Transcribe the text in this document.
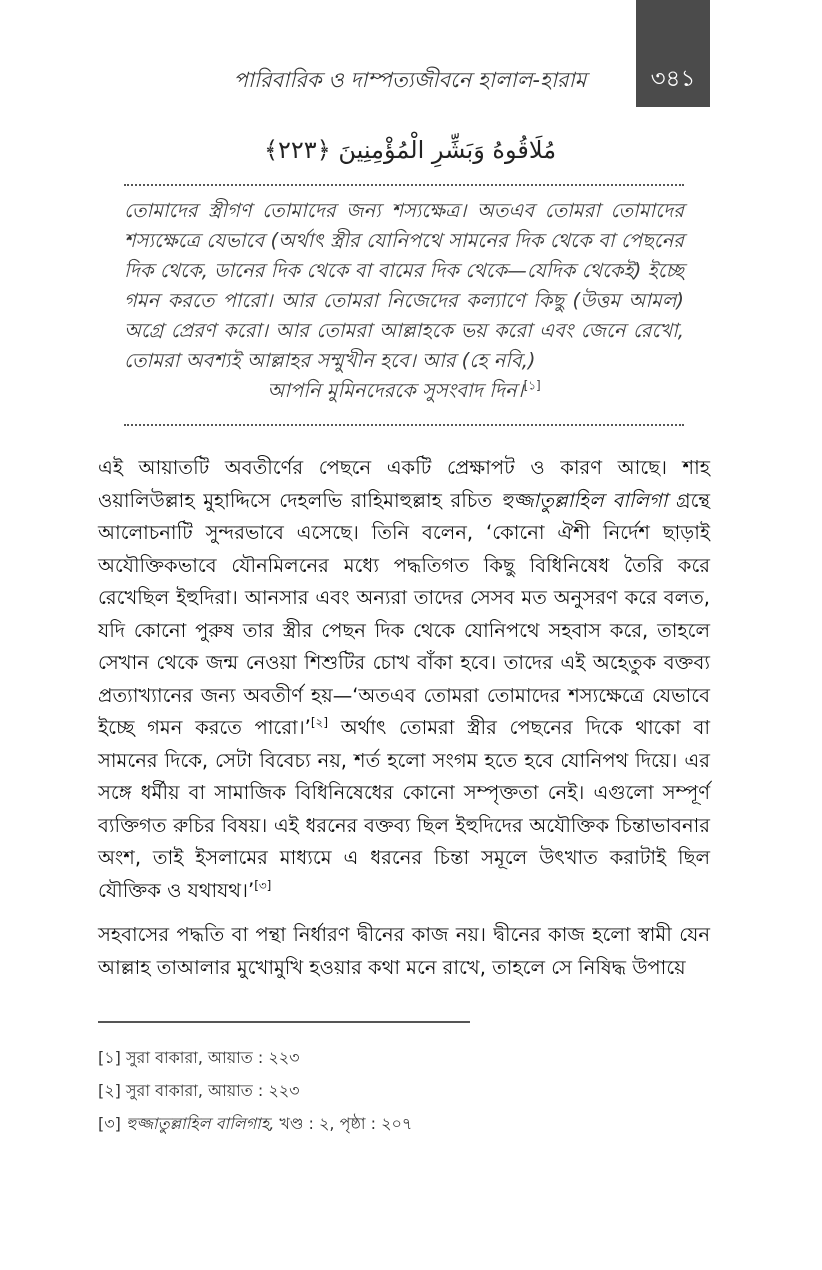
৩৪১
পারিবারিক ও দাম্পত্যজীবনে হালাল-হারাম
مُلَاقُوهُ وَبَشِّرِ الْمُؤْمِنِينَ ﴿٢٢٣﴾
তোমাদের স্ত্রীগণ তোমাদের জন্য শস্যক্ষেত্র। অতএব তোমরা তোমাদের শস্যক্ষেত্রে যেভাবে (অর্থাৎ স্ত্রীর যোনিপথে সামনের দিক থেকে বা পেছনের দিক থেকে, ডানের দিক থেকে বা বামের দিক থেকে—যেদিক থেকেই) ইচ্ছে গমন করতে পারো। আর তোমরা নিজেদের কল্যাণে কিছু (উত্তম আমল) অগ্রে প্রেরণ করো। আর তোমরা আল্লাহকে ভয় করো এবং জেনে রেখো, তোমরা অবশ্যই আল্লাহর সম্মুখীন হবে। আর (হে নবি,)
আপনি মুমিনদেরকে সুসংবাদ দিন।[১]

এই আয়াতটি অবতীর্ণের পেছনে একটি প্রেক্ষাপট ও কারণ আছে। শাহ ওয়ালিউল্লাহ মুহাদ্দিসে দেহলভি রাহিমাহুল্লাহ রচিত হুজ্জাতুল্লাহিল বালিগা গ্রন্থে আলোচনাটি সুন্দরভাবে এসেছে। তিনি বলেন, ‘কোনো ঐশী নির্দেশ ছাড়াই অযৌক্তিকভাবে যৌনমিলনের মধ্যে পদ্ধতিগত কিছু বিধিনিষেধ তৈরি করে রেখেছিল ইহুদিরা। আনসার এবং অন্যরা তাদের সেসব মত অনুসরণ করে বলত, যদি কোনো পুরুষ তার স্ত্রীর পেছন দিক থেকে যোনিপথে সহবাস করে, তাহলে সেখান থেকে জন্ম নেওয়া শিশুটির চোখ বাঁকা হবে। তাদের এই অহেতুক বক্তব্য প্রত্যাখ্যানের জন্য অবতীর্ণ হয়—‘অতএব তোমরা তোমাদের শস্যক্ষেত্রে যেভাবে ইচ্ছে গমন করতে পারো।’[২] অর্থাৎ তোমরা স্ত্রীর পেছনের দিকে থাকো বা সামনের দিকে, সেটা বিবেচ্য নয়, শর্ত হলো সংগম হতে হবে যোনিপথ দিয়ে। এর সঙ্গে ধর্মীয় বা সামাজিক বিধিনিষেধের কোনো সম্পৃক্ততা নেই। এগুলো সম্পূর্ণ ব্যক্তিগত রুচির বিষয়। এই ধরনের বক্তব্য ছিল ইহুদিদের অযৌক্তিক চিন্তাভাবনার অংশ, তাই ইসলামের মাধ্যমে এ ধরনের চিন্তা সমূলে উৎখাত করাটাই ছিল যৌক্তিক ও যথাযথ।’[৩]

সহবাসের পদ্ধতি বা পন্থা নির্ধারণ দ্বীনের কাজ নয়। দ্বীনের কাজ হলো স্বামী যেন আল্লাহ তাআলার মুখোমুখি হওয়ার কথা মনে রাখে, তাহলে সে নিষিদ্ধ উপায়ে

[১] সুরা বাকারা, আয়াত : ২২৩
[২] সুরা বাকারা, আয়াত : ২২৩
[৩] হুজ্জাতুল্লাহিল বালিগাহ, খণ্ড : ২, পৃষ্ঠা : ২০৭
